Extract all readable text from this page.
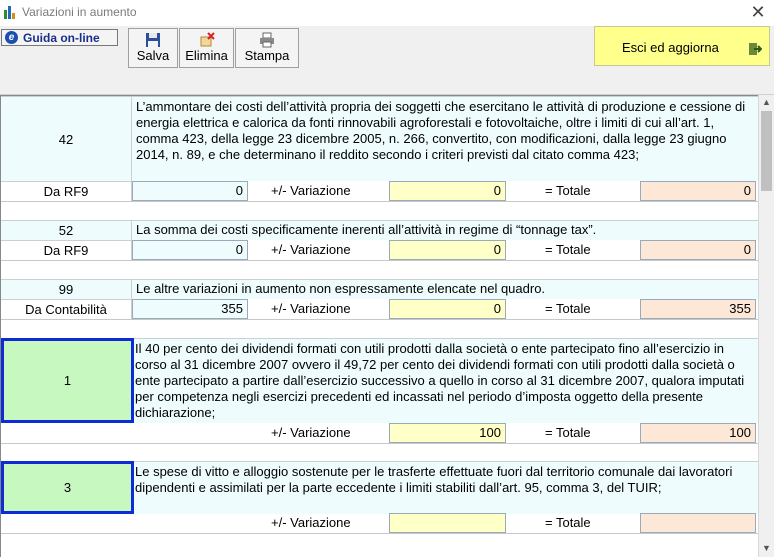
Variazioni in aumento	✕
e Guida on-line
Salva	Elimina	Stampa
Esci ed aggiorna
42
L’ammontare dei costi dell’attività propria dei soggetti che esercitano le attività di produzione e cessione di energia elettrica e calorica da fonti rinnovabili agroforestali e fotovoltaiche, oltre i limiti di cui all’art. 1, comma 423, della legge 23 dicembre 2005, n. 266, convertito, con modificazioni, dalla legge 23 giugno 2014, n. 89, e che determinano il reddito secondo i criteri previsti dal citato comma 423;
Da RF9	0	+/- Variazione	0	= Totale	0
52	La somma dei costi specificamente inerenti all’attività in regime di “tonnage tax”.
Da RF9	0	+/- Variazione	0	= Totale	0
99	Le altre variazioni in aumento non espressamente elencate nel quadro.
Da Contabilità	355	+/- Variazione	0	= Totale	355
1
Il 40 per cento dei dividendi formati con utili prodotti dalla società o ente partecipato fino all’esercizio in corso al 31 dicembre 2007 ovvero il 49,72 per cento dei dividendi formati con utili prodotti dalla società o ente partecipato a partire dall’esercizio successivo a quello in corso al 31 dicembre 2007, qualora imputati per competenza negli esercizi precedenti ed incassati nel periodo d’imposta oggetto della presente dichiarazione;
+/- Variazione	100	= Totale	100
3
Le spese di vitto e alloggio sostenute per le trasferte effettuate fuori dal territorio comunale dai lavoratori dipendenti e assimilati per la parte eccedente i limiti stabiliti dall’art. 95, comma 3, del TUIR;
+/- Variazione	= Totale
▲
▼
